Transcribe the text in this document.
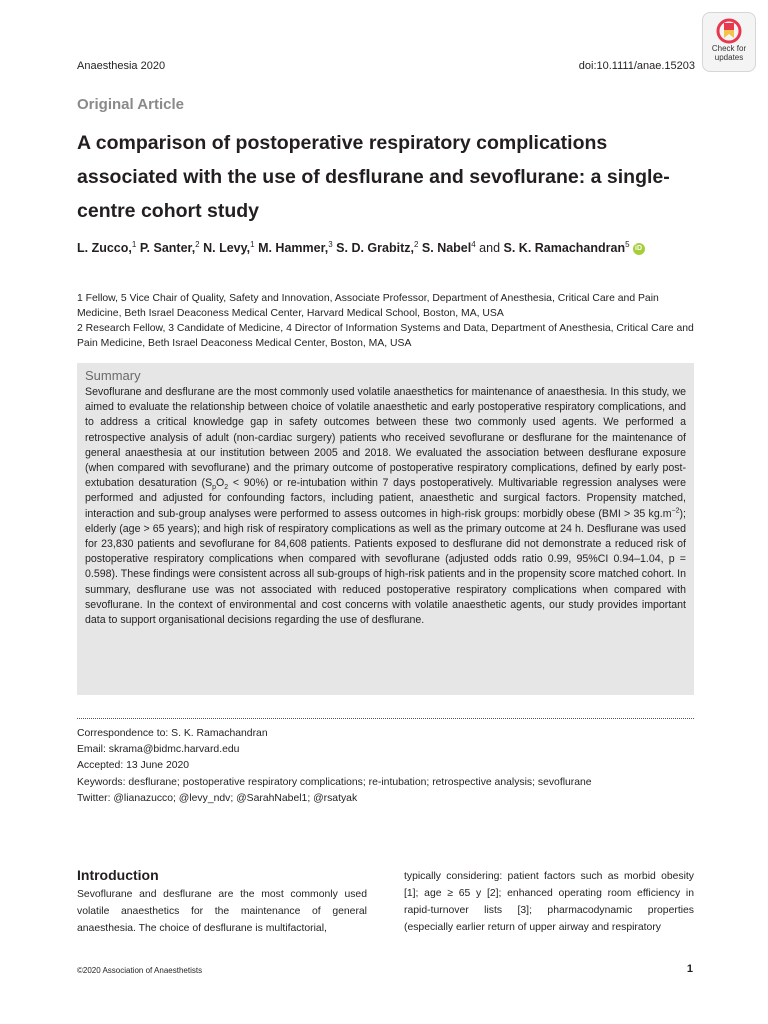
Anaesthesia 2020	doi:10.1111/anae.15203
Check for
updates
Original Article
A comparison of postoperative respiratory complications associated with the use of desflurane and sevoflurane: a single-centre cohort study
L. Zucco,$^1$ P. Santer,$^2$ N. Levy,$^1$ M. Hammer,$^3$ S. D. Grabitz,$^2$ S. Nabel$^4$ and S. K. Ramachandran$^5$ iD
1 Fellow, 5 Vice Chair of Quality, Safety and Innovation, Associate Professor, Department of Anesthesia, Critical Care and Pain Medicine, Beth Israel Deaconess Medical Center, Harvard Medical School, Boston, MA, USA
2 Research Fellow, 3 Candidate of Medicine, 4 Director of Information Systems and Data, Department of Anesthesia, Critical Care and Pain Medicine, Beth Israel Deaconess Medical Center, Boston, MA, USA
Summary

Sevoflurane and desflurane are the most commonly used volatile anaesthetics for maintenance of anaesthesia. In this study, we aimed to evaluate the relationship between choice of volatile anaesthetic and early postoperative respiratory complications, and to address a critical knowledge gap in safety outcomes between these two commonly used agents. We performed a retrospective analysis of adult (non-cardiac surgery) patients who received sevoflurane or desflurane for the maintenance of general anaesthesia at our institution between 2005 and 2018. We evaluated the association between desflurane exposure (when compared with sevoflurane) and the primary outcome of postoperative respiratory complications, defined by early post-extubation desaturation $(S_pO_2 < 90\%)$ or re-intubation within 7 days postoperatively. Multivariable regression analyses were performed and adjusted for confounding factors, including patient, anaesthetic and surgical factors. Propensity matched, interaction and sub-group analyses were performed to assess outcomes in high-risk groups: morbidly obese (BMI > 35 $kg.m^{-2}$); elderly (age > 65 years); and high risk of respiratory complications as well as the primary outcome at 24 h. Desflurane was used for 23,830 patients and sevoflurane for 84,608 patients. Patients exposed to desflurane did not demonstrate a reduced risk of postoperative respiratory complications when compared with sevoflurane (adjusted odds ratio 0.99, 95%CI 0.94–1.04, p = 0.598). These findings were consistent across all sub-groups of high-risk patients and in the propensity score matched cohort. In summary, desflurane use was not associated with reduced postoperative respiratory complications when compared with sevoflurane. In the context of environmental and cost concerns with volatile anaesthetic agents, our study provides important data to support organisational decisions regarding the use of desflurane.

Correspondence to: S. K. Ramachandran
Email: skrama@bidmc.harvard.edu
Accepted: 13 June 2020
Keywords: desflurane; postoperative respiratory complications; re-intubation; retrospective analysis; sevoflurane
Twitter: @lianazucco; @levy_ndv; @SarahNabel1; @rsatyak
Introduction
Sevoflurane and desflurane are the most commonly used volatile anaesthetics for the maintenance of general anaesthesia. The choice of desflurane is multifactorial,
typically considering: patient factors such as morbid obesity [1]; age ≥ 65 y [2]; enhanced operating room efficiency in rapid-turnover lists [3]; pharmacodynamic properties (especially earlier return of upper airway and respiratory
©2020 Association of Anaesthetists	1
